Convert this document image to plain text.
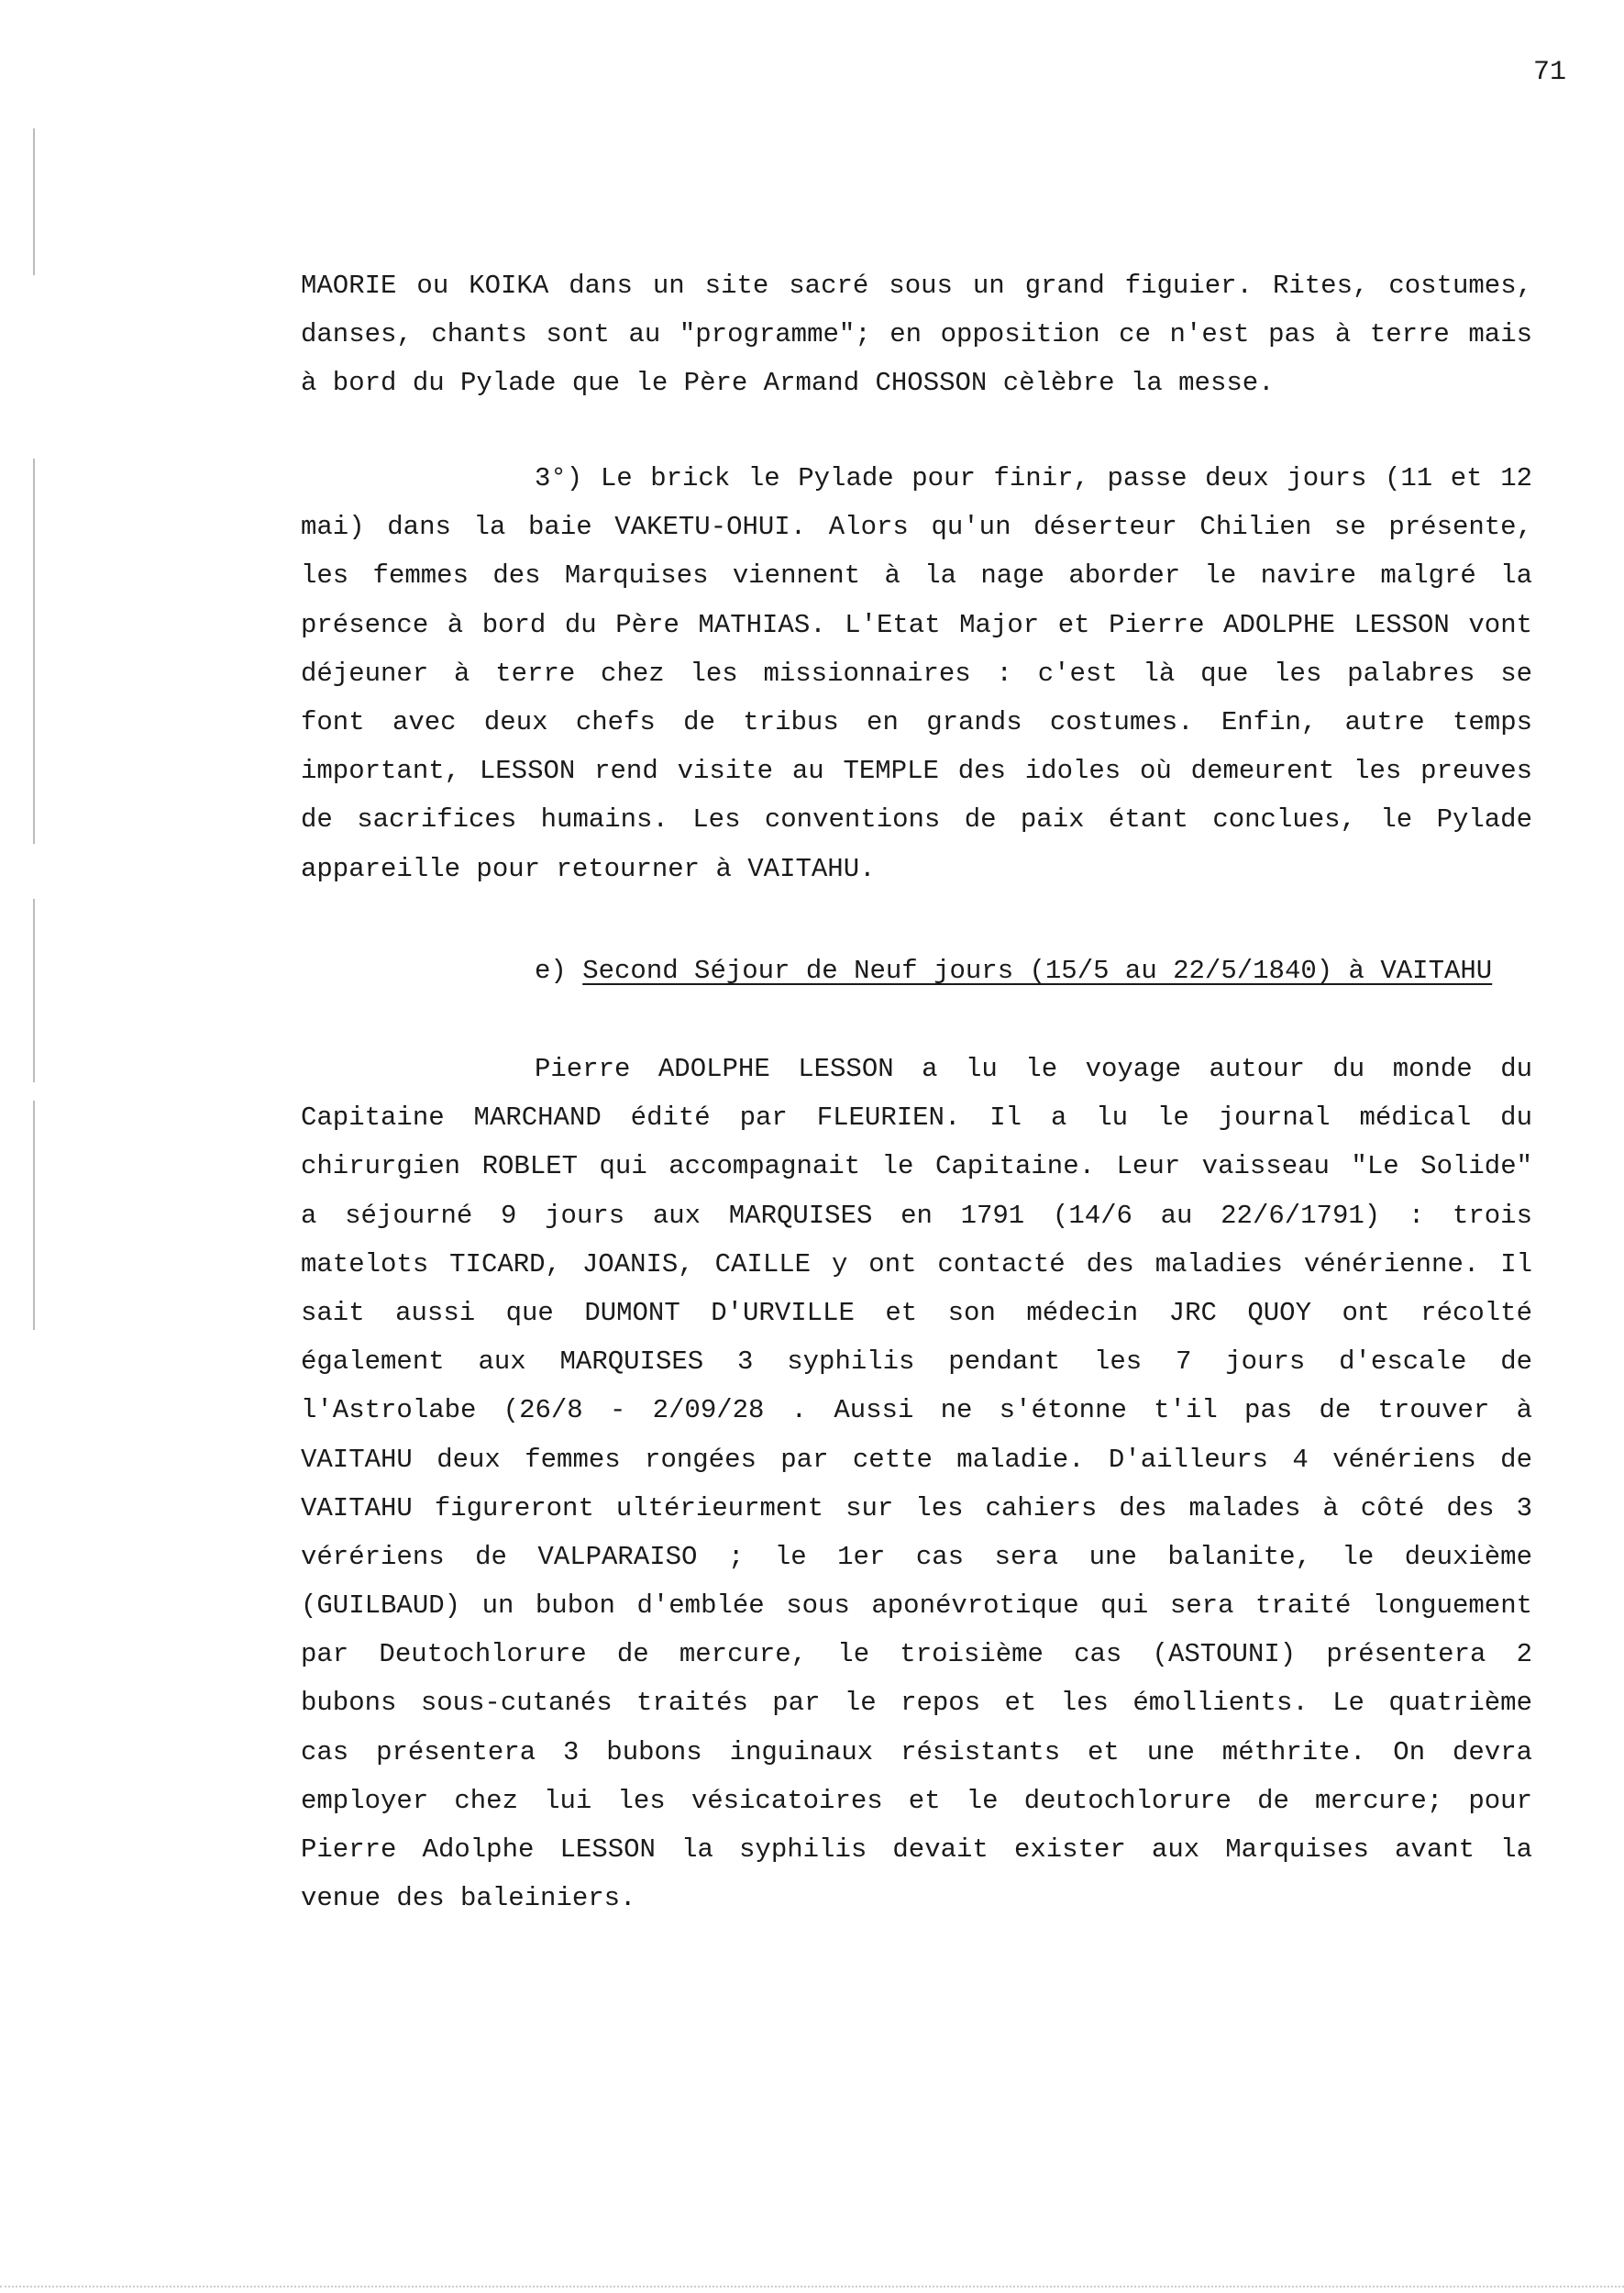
71
MAORIE ou KOIKA dans un site sacré sous un grand figuier. Rites, costumes,
danses, chants sont au "programme"; en opposition ce n'est pas à terre mais
à bord du Pylade que le Père Armand CHOSSON cèlèbre la messe.
3°) Le brick le Pylade pour finir, passe deux jours (11 et 12
mai) dans la baie VAKETU-OHUI. Alors qu'un déserteur Chilien se présente,
les femmes des Marquises viennent à la nage aborder le navire malgré la
présence à bord du Père MATHIAS. L'Etat Major et Pierre ADOLPHE LESSON vont
déjeuner à terre chez les missionnaires : c'est là que les palabres se
font avec deux chefs de tribus en grands costumes. Enfin, autre temps
important, LESSON rend visite au TEMPLE des idoles où demeurent les preuves
de sacrifices humains. Les conventions de paix étant conclues, le Pylade
appareille pour retourner à VAITAHU.
e) Second Séjour de Neuf jours (15/5 au 22/5/1840) à VAITAHU
Pierre ADOLPHE LESSON a lu le voyage autour du monde du
Capitaine MARCHAND édité par FLEURIEN. Il a lu le journal médical du
chirurgien ROBLET qui accompagnait le Capitaine. Leur vaisseau "Le Solide"
a séjourné 9 jours aux MARQUISES en 1791 (14/6 au 22/6/1791) : trois
matelots TICARD, JOANIS, CAILLE y ont contacté des maladies vénérienne. Il
sait aussi que DUMONT D'URVILLE et son médecin JRC QUOY ont récolté
également aux MARQUISES 3 syphilis pendant les 7 jours d'escale de
l'Astrolabe (26/8 - 2/09/28 . Aussi ne s'étonne t'il pas de trouver à
VAITAHU deux femmes rongées par cette maladie. D'ailleurs 4 vénériens de
VAITAHU figureront ultérieurment sur les cahiers des malades à côté des 3
vérériens de VALPARAISO ; le 1er cas sera une balanite, le deuxième
(GUILBAUD) un bubon d'emblée sous aponévrotique qui sera traité longuement
par Deutochlorure de mercure, le troisième cas (ASTOUNI) présentera 2
bubons sous-cutanés traités par le repos et les émollients. Le quatrième
cas présentera 3 bubons inguinaux résistants et une méthrite. On devra
employer chez lui les vésicatoires et le deutochlorure de mercure; pour
Pierre Adolphe LESSON la syphilis devait exister aux Marquises avant la
venue des baleiniers.
